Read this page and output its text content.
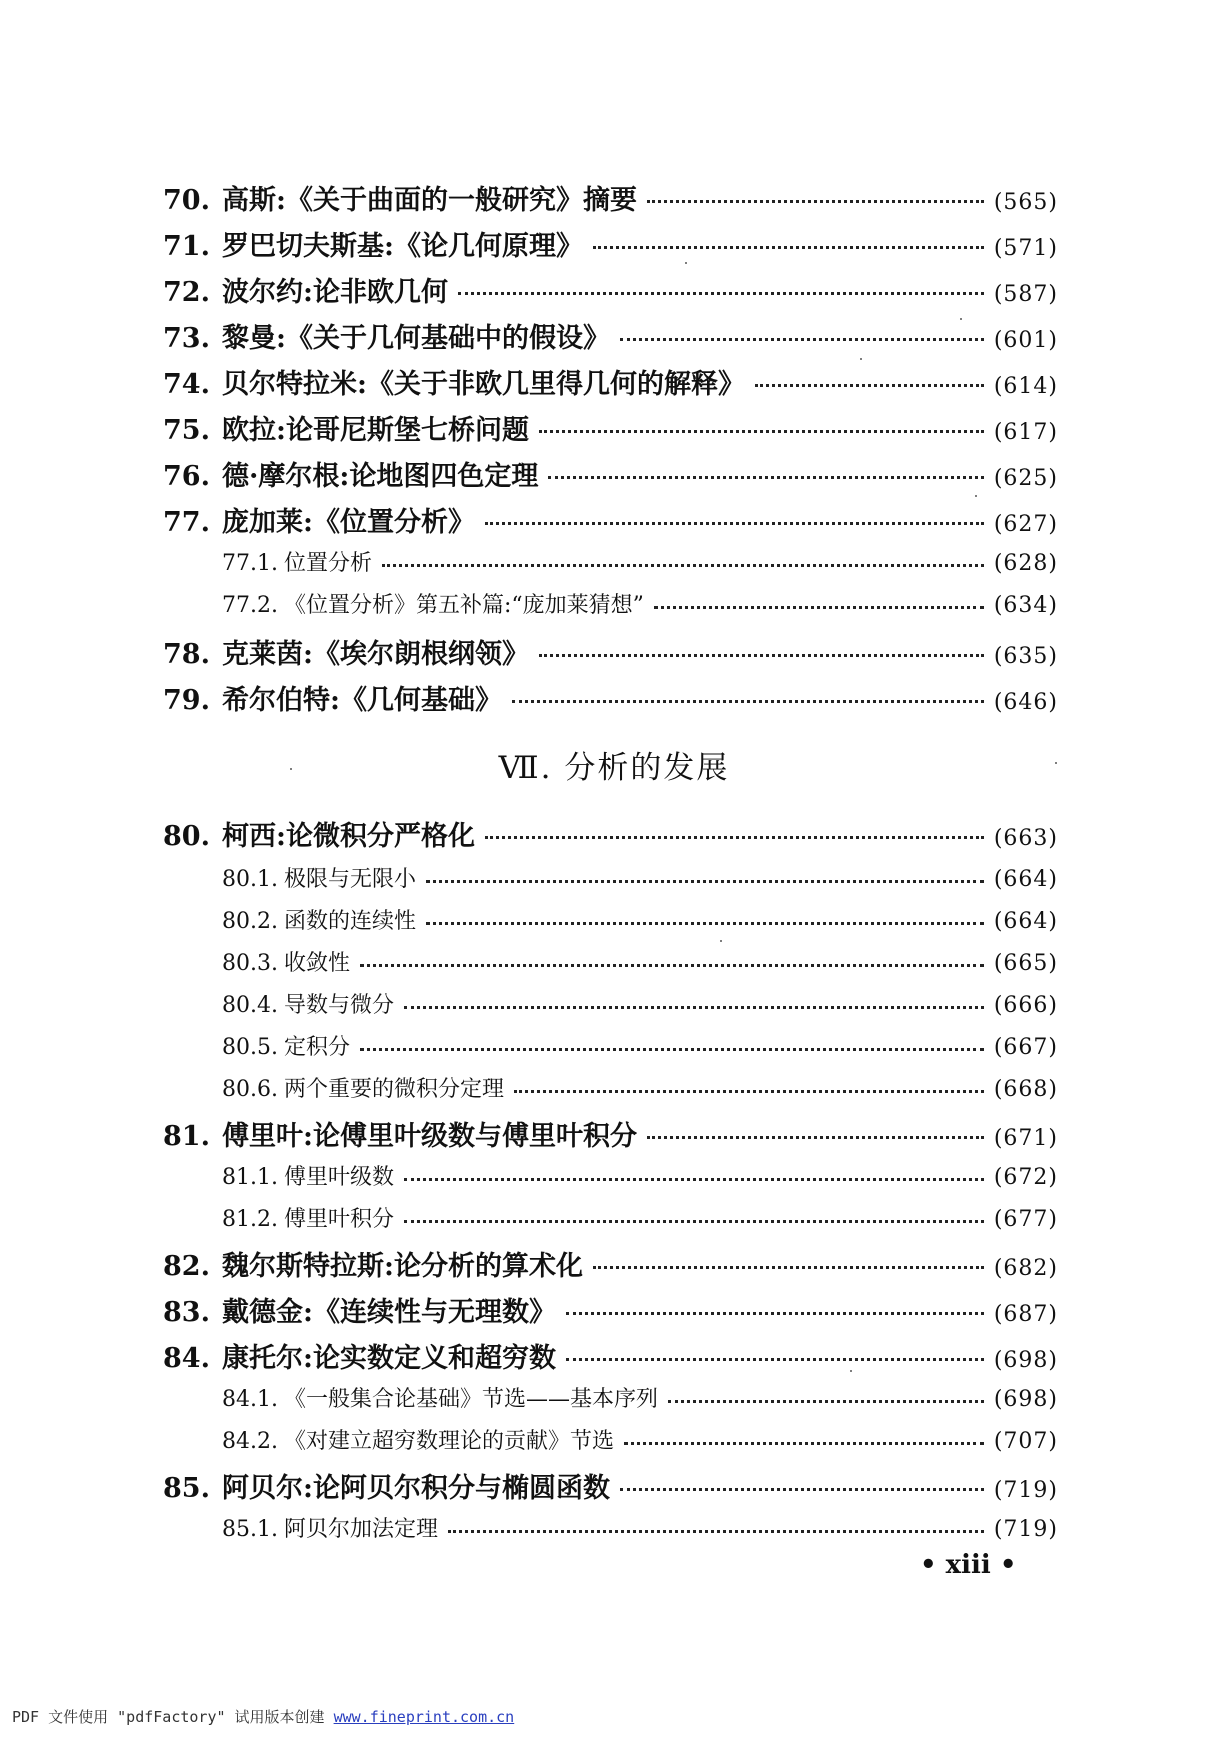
70. 高斯:《关于曲面的一般研究》摘要	(565)
71. 罗巴切夫斯基:《论几何原理》	(571)
72. 波尔约:论非欧几何	(587)
73. 黎曼:《关于几何基础中的假设》	(601)
74. 贝尔特拉米:《关于非欧几里得几何的解释》	(614)
75. 欧拉:论哥尼斯堡七桥问题	(617)
76. 德·摩尔根:论地图四色定理	(625)
77. 庞加莱:《位置分析》	(627)
77.1. 位置分析	(628)
77.2. 《位置分析》第五补篇:“庞加莱猜想”	(634)
78. 克莱茵:《埃尔朗根纲领》	(635)
79. 希尔伯特:《几何基础》	(646)
Ⅶ. 分析的发展
80. 柯西:论微积分严格化	(663)
80.1. 极限与无限小	(664)
80.2. 函数的连续性	(664)
80.3. 收敛性	(665)
80.4. 导数与微分	(666)
80.5. 定积分	(667)
80.6. 两个重要的微积分定理	(668)
81. 傅里叶:论傅里叶级数与傅里叶积分	(671)
81.1. 傅里叶级数	(672)
81.2. 傅里叶积分	(677)
82. 魏尔斯特拉斯:论分析的算术化	(682)
83. 戴德金:《连续性与无理数》	(687)
84. 康托尔:论实数定义和超穷数	(698)
84.1. 《一般集合论基础》节选——基本序列	(698)
84.2. 《对建立超穷数理论的贡献》节选	(707)
85. 阿贝尔:论阿贝尔积分与椭圆函数	(719)
85.1. 阿贝尔加法定理	(719)
• xiii •
PDF 文件使用 "pdfFactory" 试用版本创建 www.fineprint.com.cn
